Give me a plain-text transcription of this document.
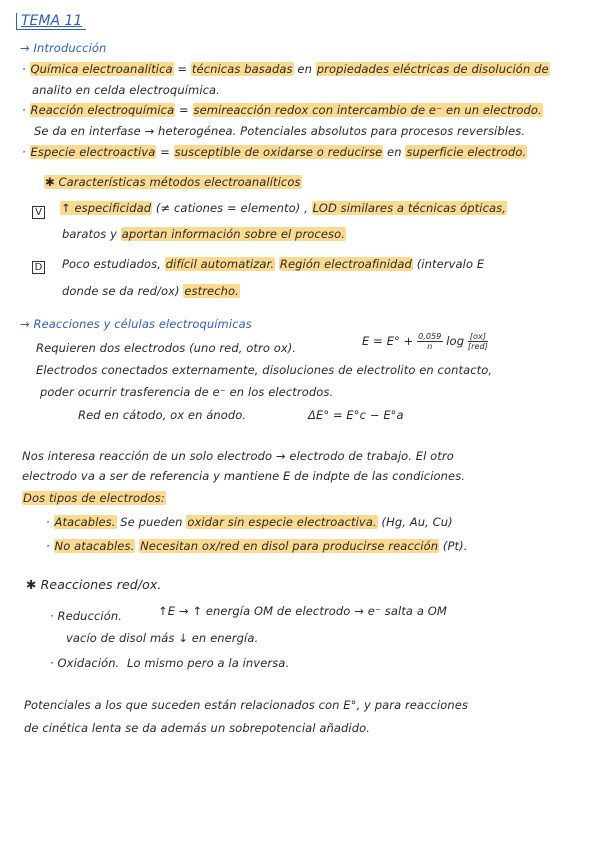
TEMA 11
→ Introducción
· Química electroanalítica = técnicas basadas en propiedades eléctricas de disolución de
analito en celda electroquímica.
· Reacción electroquímica = semireacción redox con intercambio de e⁻ en un electrodo.
Se da en interfase → heterogénea. Potenciales absolutos para procesos reversibles.
· Especie electroactiva = susceptible de oxidarse o reducirse en superficie electrodo.
✱ Características métodos electroanalíticos
V ↑ especificidad (≠ cationes = elemento) , LOD similares a técnicas ópticas,
baratos y aportan información sobre el proceso.
D Poco estudiados, difícil automatizar. Región electroafinidad (intervalo E
donde se da red/ox) estrecho.
→ Reacciones y células electroquímicas
Requieren dos electrodos (uno red, otro ox).	$E = E^\circ + \frac{0,059}{n}$ $\log \frac{[ox]}{\text{[red]}}$
Electrodos conectados externamente, disoluciones de electrolito en contacto,
poder ocurrir trasferencia de e⁻ en los electrodos.
Red en cátodo, ox en ánodo.	ΔE° = E°c − E°a
Nos interesa reacción de un solo electrodo → electrodo de trabajo. El otro
electrodo va a ser de referencia y mantiene E de indpte de las condiciones.
Dos tipos de electrodos:
· Atacables. Se pueden oxidar sin especie electroactiva. (Hg, Au, Cu)
· No atacables. Necesitan ox/red en disol para producirse reacción (Pt).
✱ Reacciones red/ox.
· Reducción.	↑E → ↑ energía OM de electrodo → e⁻ salta a OM
vacío de disol más ↓ en energía.
· Oxidación. Lo mismo pero a la inversa.
Potenciales a los que suceden están relacionados con E°, y para reacciones
de cinética lenta se da además un sobrepotencial añadido.
